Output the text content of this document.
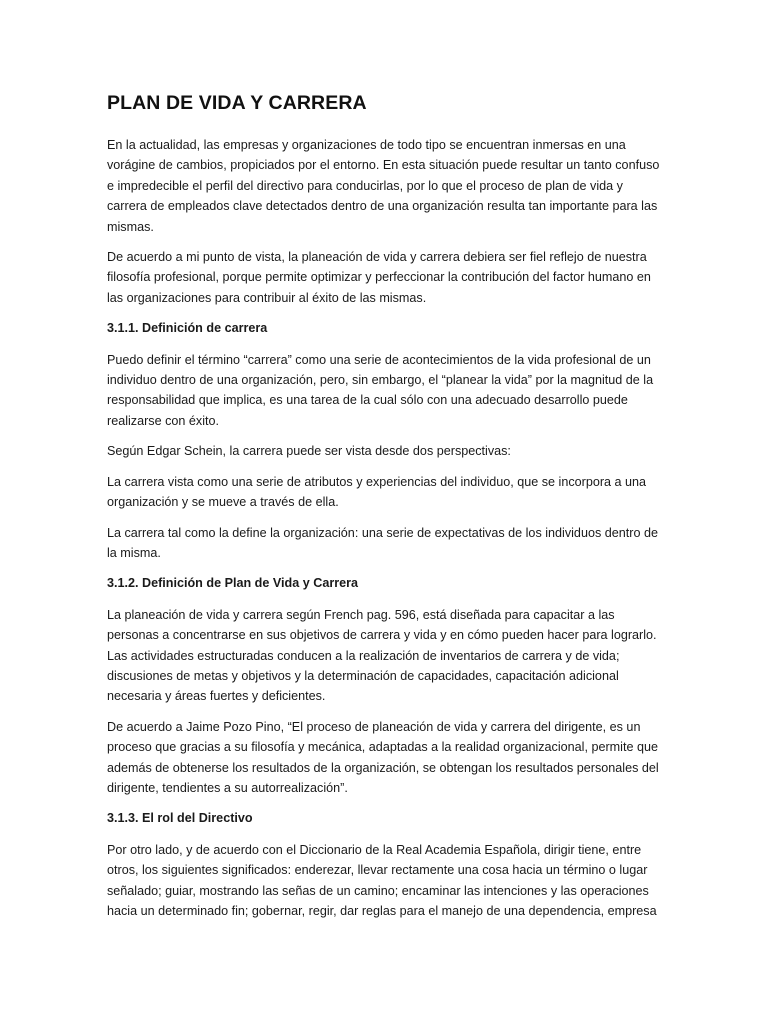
PLAN DE VIDA Y CARRERA

En la actualidad, las empresas y organizaciones de todo tipo se encuentran inmersas en una vorágine de cambios, propiciados por el entorno. En esta situación puede resultar un tanto confuso e impredecible el perfil del directivo para conducirlas, por lo que el proceso de plan de vida y carrera de empleados clave detectados dentro de una organización resulta tan importante para las mismas.

De acuerdo a mi punto de vista, la planeación de vida y carrera debiera ser fiel reflejo de nuestra filosofía profesional, porque permite optimizar y perfeccionar la contribución del factor humano en las organizaciones para contribuir al éxito de las mismas.

3.1.1. Definición de carrera

Puedo definir el término “carrera” como una serie de acontecimientos de la vida profesional de un individuo dentro de una organización, pero, sin embargo, el “planear la vida” por la magnitud de la responsabilidad que implica, es una tarea de la cual sólo con una adecuado desarrollo puede realizarse con éxito.

Según Edgar Schein, la carrera puede ser vista desde dos perspectivas:

La carrera vista como una serie de atributos y experiencias del individuo, que se incorpora a una organización y se mueve a través de ella.

La carrera tal como la define la organización: una serie de expectativas de los individuos dentro de la misma.

3.1.2. Definición de Plan de Vida y Carrera

La planeación de vida y carrera según French pag. 596, está diseñada para capacitar a las personas a concentrarse en sus objetivos de carrera y vida y en cómo pueden hacer para lograrlo. Las actividades estructuradas conducen a la realización de inventarios de carrera y de vida; discusiones de metas y objetivos y la determinación de capacidades, capacitación adicional necesaria y áreas fuertes y deficientes.

De acuerdo a Jaime Pozo Pino, “El proceso de planeación de vida y carrera del dirigente, es un proceso que gracias a su filosofía y mecánica, adaptadas a la realidad organizacional, permite que además de obtenerse los resultados de la organización, se obtengan los resultados personales del dirigente, tendientes a su autorrealización”.

3.1.3. El rol del Directivo

Por otro lado, y de acuerdo con el Diccionario de la Real Academia Española, dirigir tiene, entre otros, los siguientes significados: enderezar, llevar rectamente una cosa hacia un término o lugar señalado; guiar, mostrando las señas de un camino; encaminar las intenciones y las operaciones hacia un determinado fin; gobernar, regir, dar reglas para el manejo de una dependencia, empresa
